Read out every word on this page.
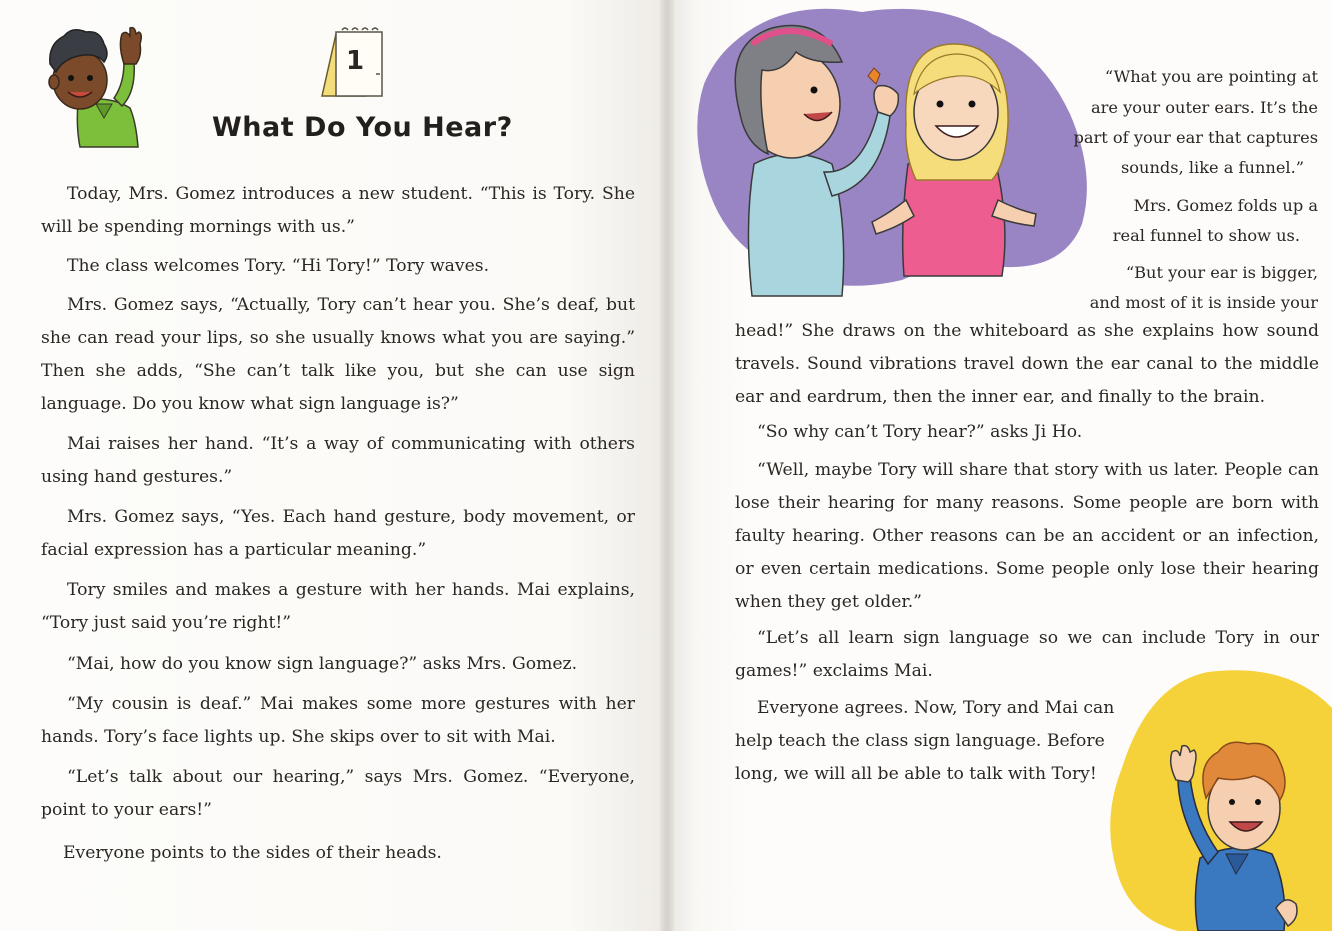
1
What Do You Hear?

Today, Mrs. Gomez introduces a new student. “This is Tory. She will be spending mornings with us.”

The class welcomes Tory. “Hi Tory!” Tory waves.

Mrs. Gomez says, “Actually, Tory can’t hear you. She’s deaf, but she can read your lips, so she usually knows what you are saying.” Then she adds, “She can’t talk like you, but she can use sign language. Do you know what sign language is?”

Mai raises her hand. “It’s a way of communicating with others using hand gestures.”

Mrs. Gomez says, “Yes. Each hand gesture, body movement, or facial expression has a particular meaning.”

Tory smiles and makes a gesture with her hands. Mai explains, “Tory just said you’re right!”

“Mai, how do you know sign language?” asks Mrs. Gomez.

“My cousin is deaf.” Mai makes some more gestures with her hands. Tory’s face lights up. She skips over to sit with Mai.

“Let’s talk about our hearing,” says Mrs. Gomez. “Everyone, point to your ears!”

Everyone points to the sides of their heads.

“What you are pointing at
are your outer ears. It’s the
part of your ear that captures
sounds, like a funnel.”
Mrs. Gomez folds up a
real funnel to show us.
“But your ear is bigger,
and most of it is inside your

head!” She draws on the whiteboard as she explains how sound travels. Sound vibrations travel down the ear canal to the middle ear and eardrum, then the inner ear, and finally to the brain.

“So why can’t Tory hear?” asks Ji Ho.

“Well, maybe Tory will share that story with us later. People can lose their hearing for many reasons. Some people are born with faulty hearing. Other reasons can be an accident or an infection, or even certain medications. Some people only lose their hearing when they get older.”

“Let’s all learn sign language so we can include Tory in our games!” exclaims Mai.

Everyone agrees. Now, Tory and Mai can help teach the class sign language. Before long, we will all be able to talk with Tory!
